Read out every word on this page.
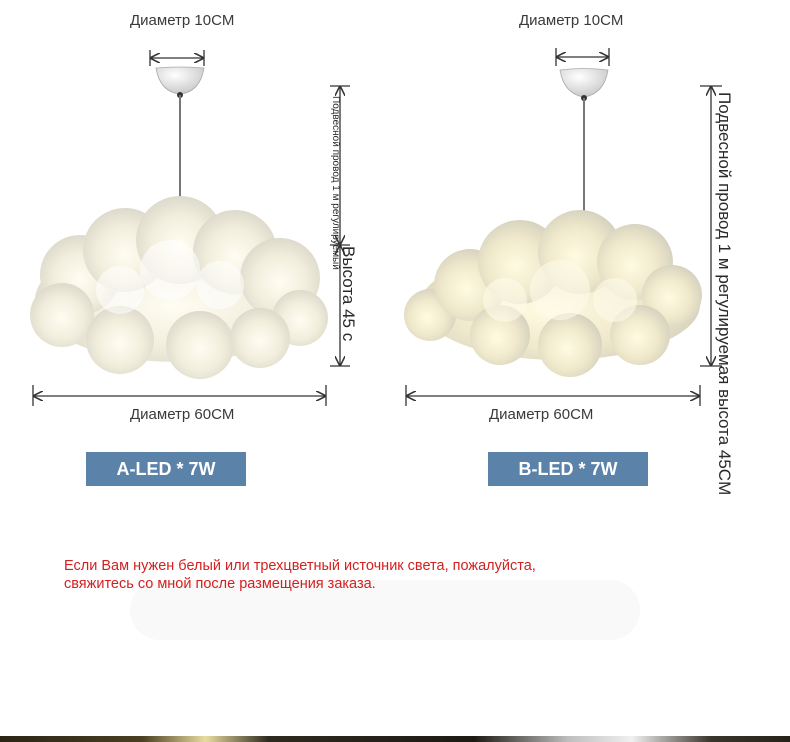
Диаметр 10CM
Диаметр 60CM
Подвесной провод 1 м регулируемый
Высота 45 с
A-LED * 7W
Диаметр 10CM
Диаметр 60CM	Подвесной провод 1 м регулируемая высота 45CM
B-LED * 7W
Если Вам нужен белый или трехцветный источник света, пожалуйста,
свяжитесь со мной после размещения заказа.
